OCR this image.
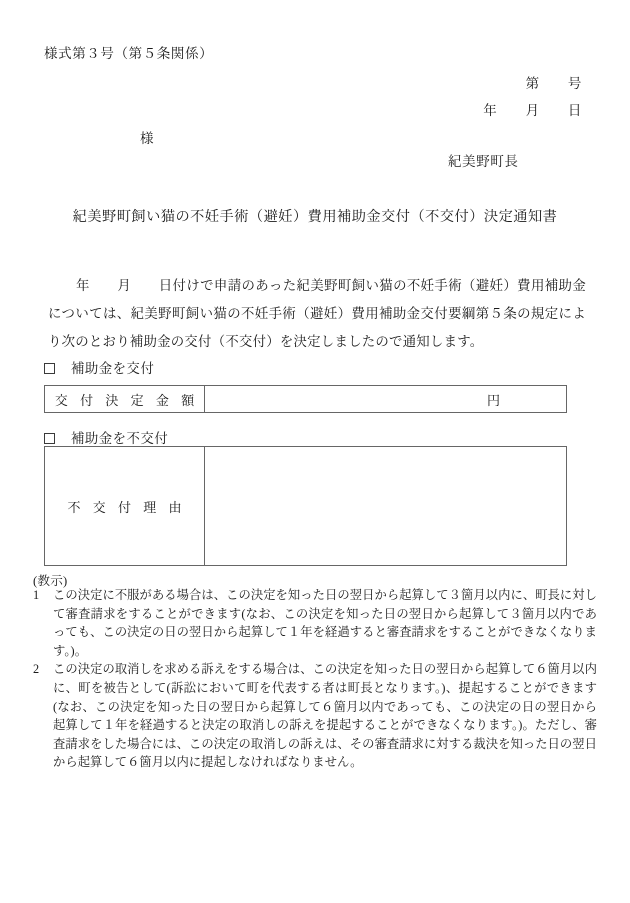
様式第３号（第５条関係）
第　　号
年　　月　　日
様
紀美野町長
紀美野町飼い猫の不妊手術（避妊）費用補助金交付（不交付）決定通知書
年　　月　　日付けで申請のあった紀美野町飼い猫の不妊手術（避妊）費用補助金については、紀美野町飼い猫の不妊手術（避妊）費用補助金交付要綱第５条の規定により次のとおり補助金の交付（不交付）を決定しましたので通知します。
補助金を交付
交 付 決 定 金 額	円
補助金を不交付
不 交 付 理 由	
(教示)
1	この決定に不服がある場合は、この決定を知った日の翌日から起算して３箇月以内に、町長に対して審査請求をすることができます(なお、この決定を知った日の翌日から起算して３箇月以内であっても、この決定の日の翌日から起算して１年を経過すると審査請求をすることができなくなります。)。
2	この決定の取消しを求める訴えをする場合は、この決定を知った日の翌日から起算して６箇月以内に、町を被告として(訴訟において町を代表する者は町長となります。)、提起することができます(なお、この決定を知った日の翌日から起算して６箇月以内であっても、この決定の日の翌日から起算して１年を経過すると決定の取消しの訴えを提起することができなくなります。)。ただし、審査請求をした場合には、この決定の取消しの訴えは、その審査請求に対する裁決を知った日の翌日から起算して６箇月以内に提起しなければなりません。
